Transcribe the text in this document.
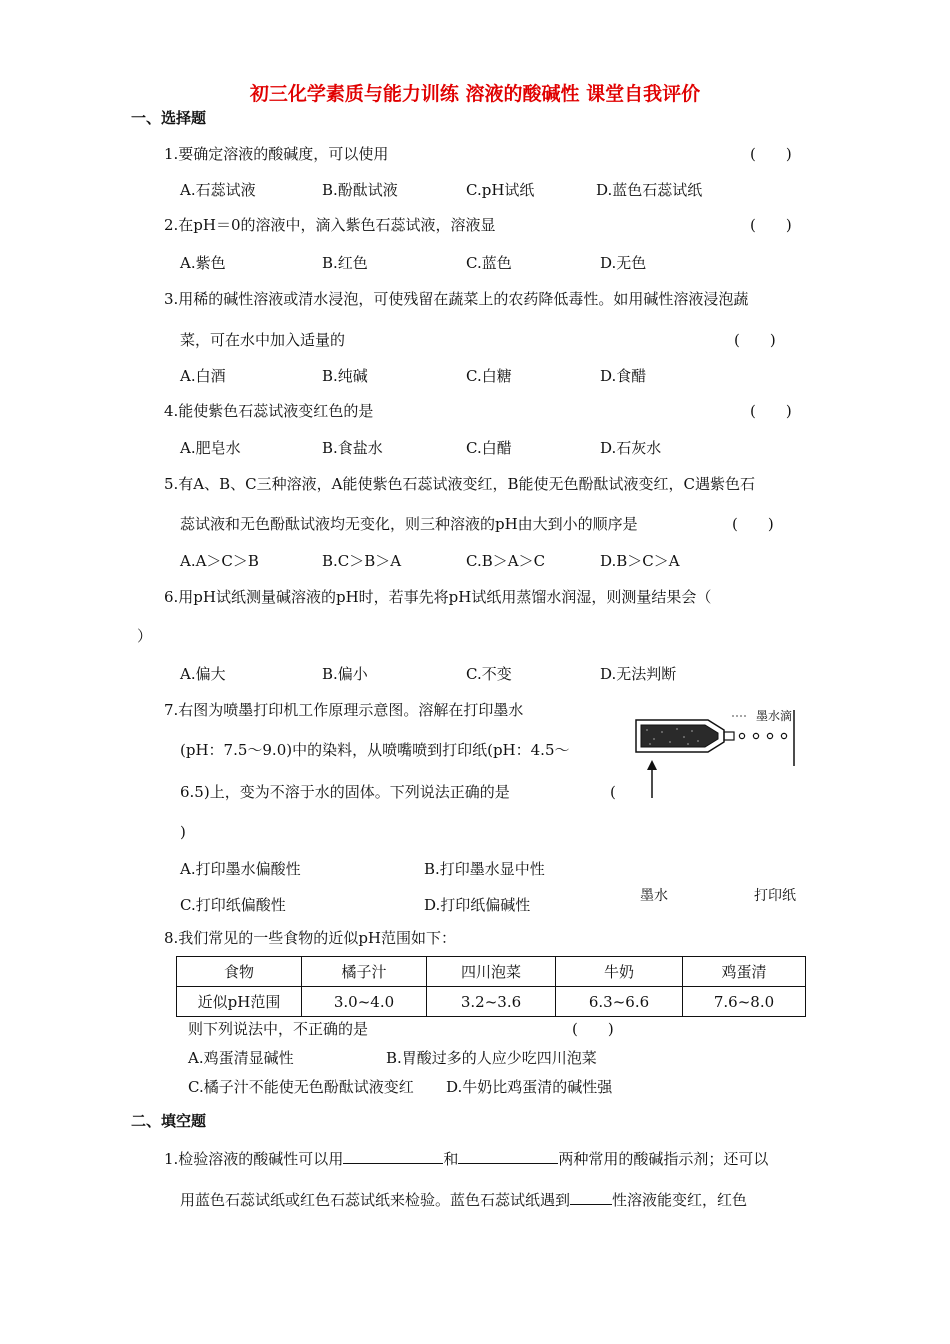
初三化学素质与能力训练 溶液的酸碱性 课堂自我评价
一、选择题
1.要确定溶液的酸碱度，可以使用	(　　)
A.石蕊试液	B.酚酞试液	C.pH试纸	D.蓝色石蕊试纸
2.在pH＝0的溶液中，滴入紫色石蕊试液，溶液显	(　　)
A.紫色	B.红色	C.蓝色	D.无色
3.用稀的碱性溶液或清水浸泡，可使残留在蔬菜上的农药降低毒性。如用碱性溶液浸泡蔬
菜，可在水中加入适量的	(　　)
A.白酒	B.纯碱	C.白糖	D.食醋
4.能使紫色石蕊试液变红色的是	(　　)
A.肥皂水	B.食盐水	C.白醋	D.石灰水
5.有A、B、C三种溶液，A能使紫色石蕊试液变红，B能使无色酚酞试液变红，C遇紫色石
蕊试液和无色酚酞试液均无变化，则三种溶液的pH由大到小的顺序是	(　　)
A.A＞C＞B	B.C＞B＞A	C.B＞A＞C	D.B＞C＞A
6.用pH试纸测量碱溶液的pH时，若事先将pH试纸用蒸馏水润湿，则测量结果会（
）
A.偏大	B.偏小	C.不变	D.无法判断
7.右图为喷墨打印机工作原理示意图。溶解在打印墨水
(pH：7.5～9.0)中的染料，从喷嘴喷到打印纸(pH：4.5～
6.5)上，变为不溶于水的固体。下列说法正确的是	(
)
A.打印墨水偏酸性	B.打印墨水显中性
C.打印纸偏酸性	D.打印纸偏碱性
墨水滴
墨水	打印纸
8.我们常见的一些食物的近似pH范围如下：
食物	橘子汁	四川泡菜	牛奶	鸡蛋清
近似pH范围	3.0~4.0	3.2~3.6	6.3~6.6	7.6~8.0
则下列说法中，不正确的是	(　　)
A.鸡蛋清显碱性	B.胃酸过多的人应少吃四川泡菜
C.橘子汁不能使无色酚酞试液变红 D.牛奶比鸡蛋清的碱性强
二、填空题
1.检验溶液的酸碱性可以用	和	两种常用的酸碱指示剂；还可以
用蓝色石蕊试纸或红色石蕊试纸来检验。蓝色石蕊试纸遇到	性溶液能变红，红色
